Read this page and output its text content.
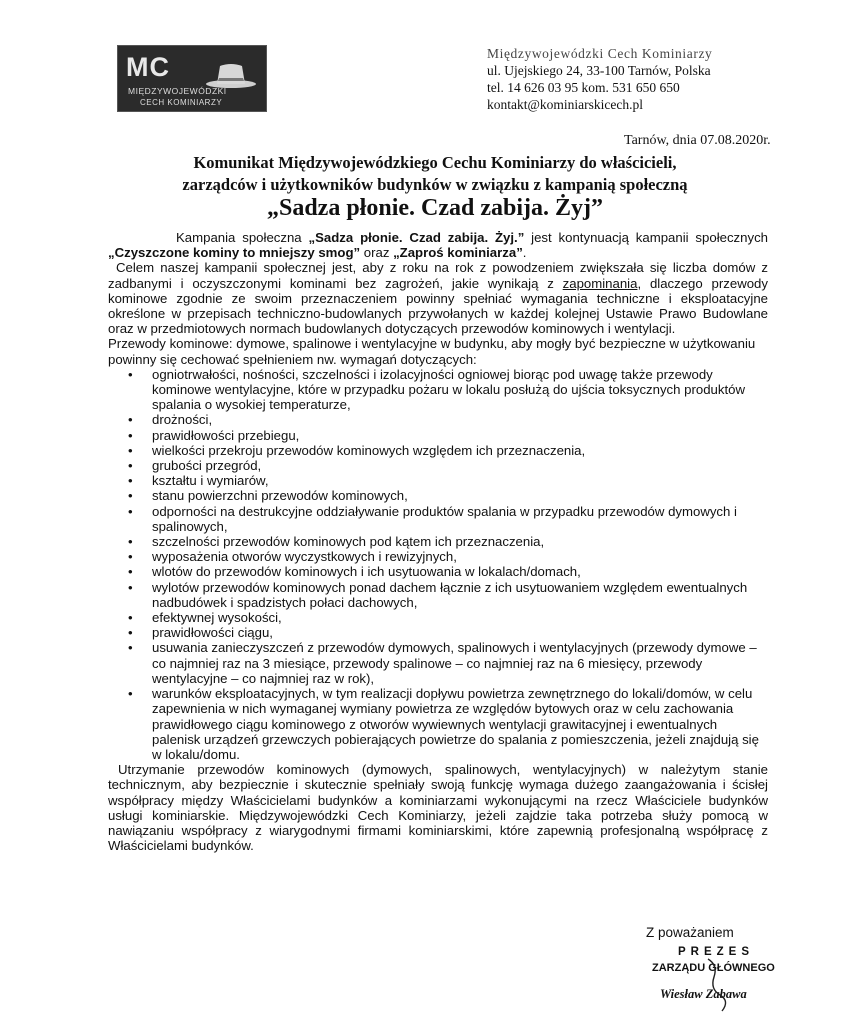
MC
MIĘDZYWOJEWÓDZKI
CECH KOMINIARZY
Międzywojewódzki Cech Kominiarzy
ul. Ujejskiego 24, 33-100 Tarnów, Polska
tel. 14 626 03 95 kom. 531 650 650
kontakt@kominiarskicech.pl
Tarnów, dnia 07.08.2020r.
Komunikat Międzywojewódzkiego Cechu Kominiarzy do właścicieli,
zarządców i użytkowników budynków w związku z kampanią społeczną
„Sadza płonie. Czad zabija. Żyj”

Kampania społeczna „Sadza płonie. Czad zabija. Żyj.” jest kontynuacją kampanii społecznych „Czyszczone kominy to mniejszy smog” oraz „Zaproś kominiarza”.

Celem naszej kampanii społecznej jest, aby z roku na rok z powodzeniem zwiększała się liczba domów z zadbanymi i oczyszczonymi kominami bez zagrożeń, jakie wynikają z zapominania, dlaczego przewody kominowe zgodnie ze swoim przeznaczeniem powinny spełniać wymagania techniczne i eksploatacyjne określone w przepisach techniczno-budowlanych przywołanych w każdej kolejnej Ustawie Prawo Budowlane oraz w przedmiotowych normach budowlanych dotyczących przewodów kominowych i wentylacji.

Przewody kominowe: dymowe, spalinowe i wentylacyjne w budynku, aby mogły być bezpieczne w użytkowaniu powinny się cechować spełnieniem nw. wymagań dotyczących:

• ogniotrwałości, nośności, szczelności i izolacyjności ogniowej biorąc pod uwagę także przewody kominowe wentylacyjne, które w przypadku pożaru w lokalu posłużą do ujścia toksycznych produktów spalania o wysokiej temperaturze,
• drożności,
• prawidłowości przebiegu,
• wielkości przekroju przewodów kominowych względem ich przeznaczenia,
• grubości przegród,
• kształtu i wymiarów,
• stanu powierzchni przewodów kominowych,
• odporności na destrukcyjne oddziaływanie produktów spalania w przypadku przewodów dymowych i spalinowych,
• szczelności przewodów kominowych pod kątem ich przeznaczenia,
• wyposażenia otworów wyczystkowych i rewizyjnych,
• wlotów do przewodów kominowych i ich usytuowania w lokalach/domach,
• wylotów przewodów kominowych ponad dachem łącznie z ich usytuowaniem względem ewentualnych nadbudówek i spadzistych połaci dachowych,
• efektywnej wysokości,
• prawidłowości ciągu,
• usuwania zanieczyszczeń z przewodów dymowych, spalinowych i wentylacyjnych (przewody dymowe – co najmniej raz na 3 miesiące, przewody spalinowe – co najmniej raz na 6 miesięcy, przewody wentylacyjne – co najmniej raz w rok),
• warunków eksploatacyjnych, w tym realizacji dopływu powietrza zewnętrznego do lokali/domów, w celu zapewnienia w nich wymaganej wymiany powietrza ze względów bytowych oraz w celu zachowania prawidłowego ciągu kominowego z otworów wywiewnych wentylacji grawitacyjnej i ewentualnych palenisk urządzeń grzewczych pobierających powietrze do spalania z pomieszczenia, jeżeli znajdują się w lokalu/domu.

Utrzymanie przewodów kominowych (dymowych, spalinowych, wentylacyjnych) w należytym stanie technicznym, aby bezpiecznie i skutecznie spełniały swoją funkcję wymaga dużego zaangażowania i ścisłej współpracy między Właścicielami budynków a kominiarzami wykonującymi na rzecz Właściciele budynków usługi kominiarskie. Międzywojewódzki Cech Kominiarzy, jeżeli zajdzie taka potrzeba służy pomocą w nawiązaniu współpracy z wiarygodnymi firmami kominiarskimi, które zapewnią profesjonalną współpracę z Właścicielami budynków.

Z poważaniem
PREZES
ZARZĄDU GŁÓWNEGO
Wiesław Zabawa
